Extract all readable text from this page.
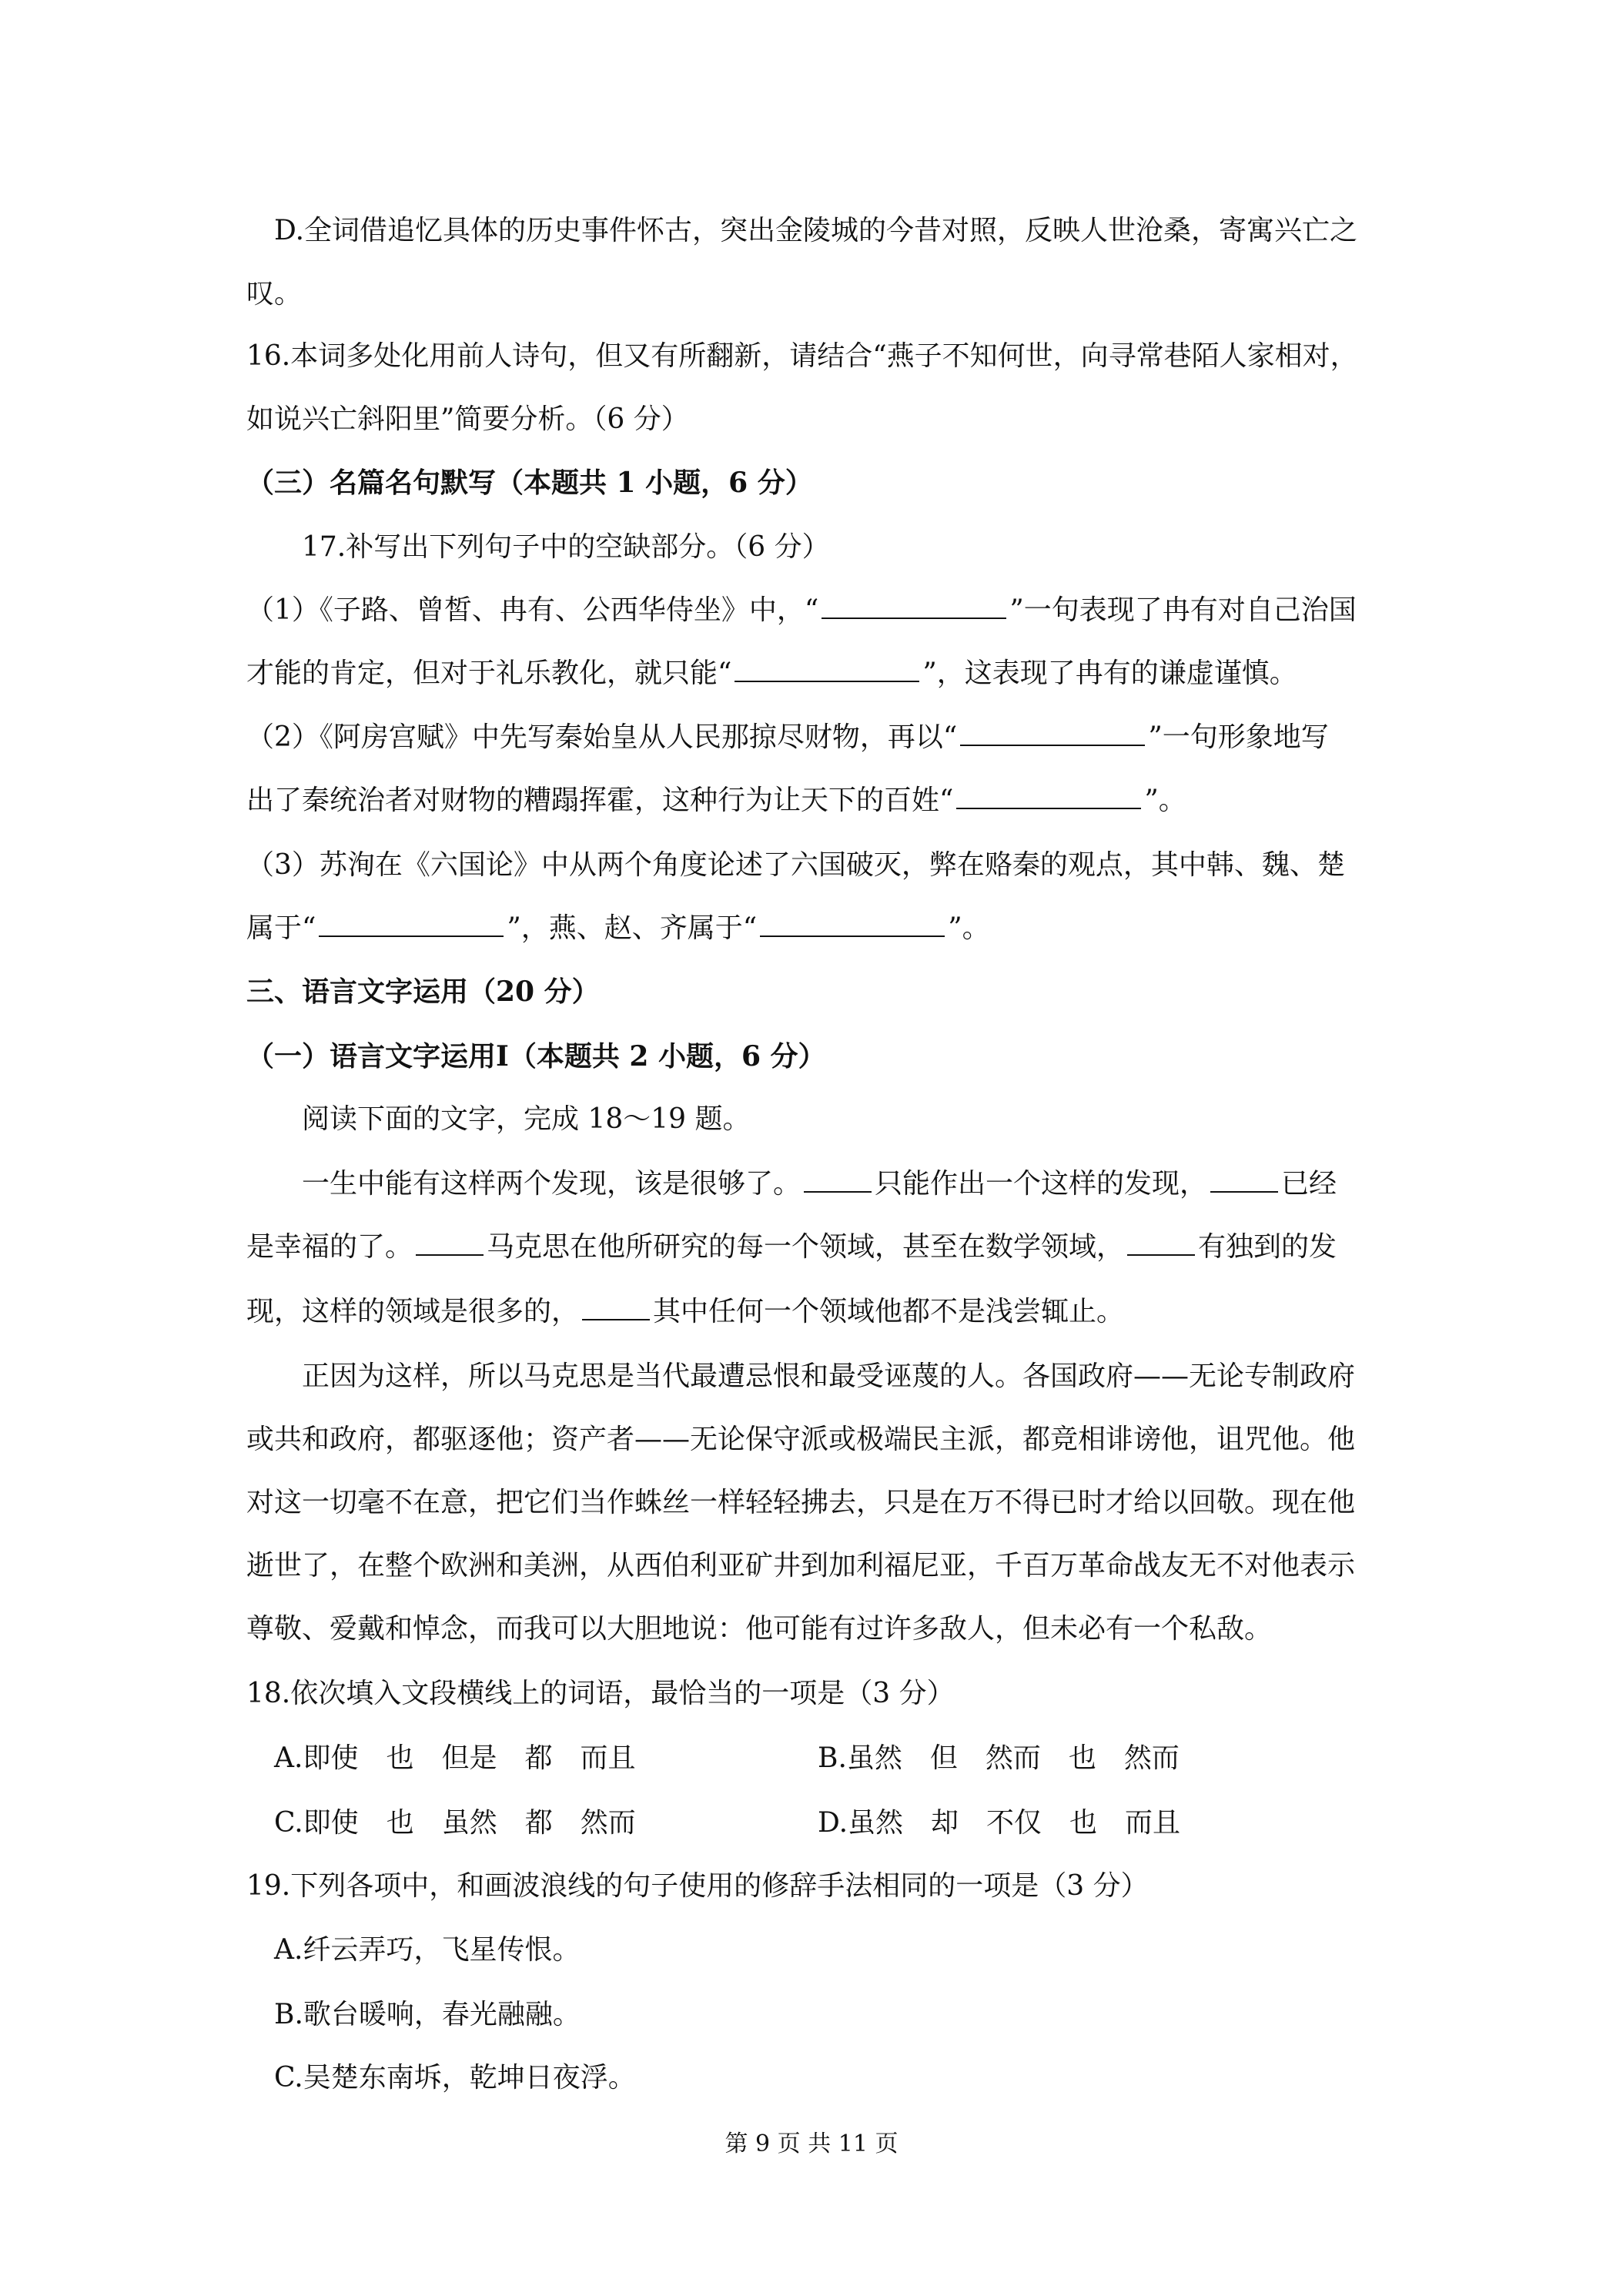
D.全词借追忆具体的历史事件怀古，突出金陵城的今昔对照，反映人世沧桑，寄寓兴亡之
叹。
16.本词多处化用前人诗句，但又有所翻新，请结合“燕子不知何世，向寻常巷陌人家相对，
如说兴亡斜阳里”简要分析。（6 分）
（三）名篇名句默写（本题共 1 小题，6 分）
17.补写出下列句子中的空缺部分。（6 分）
（1）《子路、曾皙、冉有、公西华侍坐》中，“	”一句表现了冉有对自己治国
才能的肯定，但对于礼乐教化，就只能“	”，这表现了冉有的谦虚谨慎。
（2）《阿房宫赋》中先写秦始皇从人民那掠尽财物，再以“	”一句形象地写
出了秦统治者对财物的糟蹋挥霍，这种行为让天下的百姓“	”。
（3）苏洵在《六国论》中从两个角度论述了六国破灭，弊在赂秦的观点，其中韩、魏、楚
属于“	”，燕、赵、齐属于“	”。
三、语言文字运用（20 分）
（一）语言文字运用Ⅰ（本题共 2 小题，6 分）
阅读下面的文字，完成 18～19 题。
一生中能有这样两个发现，该是很够了。	只能作出一个这样的发现，	已经
是幸福的了。	马克思在他所研究的每一个领域，甚至在数学领域，	有独到的发
现，这样的领域是很多的，	其中任何一个领域他都不是浅尝辄止。
正因为这样，所以马克思是当代最遭忌恨和最受诬蔑的人。各国政府——无论专制政府
或共和政府，都驱逐他；资产者——无论保守派或极端民主派，都竞相诽谤他，诅咒他。他
对这一切毫不在意，把它们当作蛛丝一样轻轻拂去，只是在万不得已时才给以回敬。现在他
逝世了，在整个欧洲和美洲，从西伯利亚矿井到加利福尼亚，千百万革命战友无不对他表示
尊敬、爱戴和悼念，而我可以大胆地说：他可能有过许多敌人，但未必有一个私敌。
18.依次填入文段横线上的词语，最恰当的一项是（3 分）
A.即使　也　但是　都　而且	B.虽然　但　然而　也　然而
C.即使　也　虽然　都　然而	D.虽然　却　不仅　也　而且
19.下列各项中，和画波浪线的句子使用的修辞手法相同的一项是（3 分）
A.纤云弄巧，飞星传恨。
B.歌台暖响，春光融融。
C.吴楚东南坼，乾坤日夜浮。
第 9 页 共 11 页
